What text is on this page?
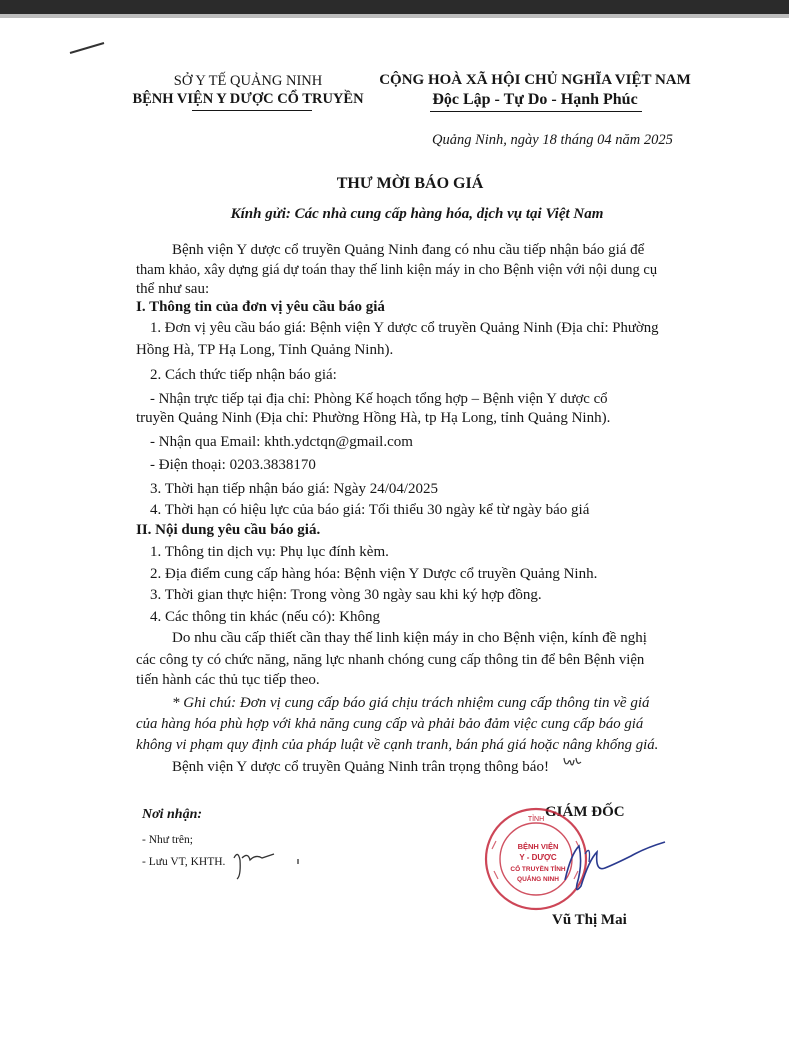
SỞ Y TẾ QUẢNG NINH
BỆNH VIỆN Y DƯỢC CỔ TRUYỀN
CỘNG HOÀ XÃ HỘI CHỦ NGHĨA VIỆT NAM
Độc Lập - Tự Do - Hạnh Phúc
Quảng Ninh, ngày 18 tháng 04 năm 2025
THƯ MỜI BÁO GIÁ
Kính gửi: Các nhà cung cấp hàng hóa, dịch vụ tại Việt Nam
Bệnh viện Y dược cổ truyền Quảng Ninh đang có nhu cầu tiếp nhận báo giá để
tham khảo, xây dựng giá dự toán thay thế linh kiện máy in cho Bệnh viện với nội dung cụ
thể như sau:
I. Thông tin của đơn vị yêu cầu báo giá
1. Đơn vị yêu cầu báo giá: Bệnh viện Y dược cổ truyền Quảng Ninh (Địa chỉ: Phường
Hồng Hà, TP Hạ Long, Tỉnh Quảng Ninh).
2. Cách thức tiếp nhận báo giá:
- Nhận trực tiếp tại địa chỉ: Phòng Kế hoạch tổng hợp – Bệnh viện Y dược cổ
truyền Quảng Ninh (Địa chỉ: Phường Hồng Hà, tp Hạ Long, tỉnh Quảng Ninh).
- Nhận qua Email: khth.ydctqn@gmail.com
- Điện thoại: 0203.3838170
3. Thời hạn tiếp nhận báo giá: Ngày 24/04/2025
4. Thời hạn có hiệu lực của báo giá: Tối thiểu 30 ngày kể từ ngày báo giá
II. Nội dung yêu cầu báo giá.
1. Thông tin dịch vụ: Phụ lục đính kèm.
2. Địa điểm cung cấp hàng hóa: Bệnh viện Y Dược cổ truyền Quảng Ninh.
3. Thời gian thực hiện: Trong vòng 30 ngày sau khi ký hợp đồng.
4. Các thông tin khác (nếu có): Không
Do nhu cầu cấp thiết cần thay thế linh kiện máy in cho Bệnh viện, kính đề nghị
các công ty có chức năng, năng lực nhanh chóng cung cấp thông tin để bên Bệnh viện
tiến hành các thủ tục tiếp theo.
* Ghi chú: Đơn vị cung cấp báo giá chịu trách nhiệm cung cấp thông tin về giá
của hàng hóa phù hợp với khả năng cung cấp và phải bảo đảm việc cung cấp báo giá
không vi phạm quy định của pháp luật về cạnh tranh, bán phá giá hoặc nâng khống giá.
Bệnh viện Y dược cổ truyền Quảng Ninh trân trọng thông báo!
Nơi nhận:
- Như trên;
- Lưu VT, KHTH.
GIÁM ĐỐC
TỈNH
BỆNH VIỆN
Y - DƯỢC
CỔ TRUYỀN TỈNH
QUẢNG NINH
Vũ Thị Mai
